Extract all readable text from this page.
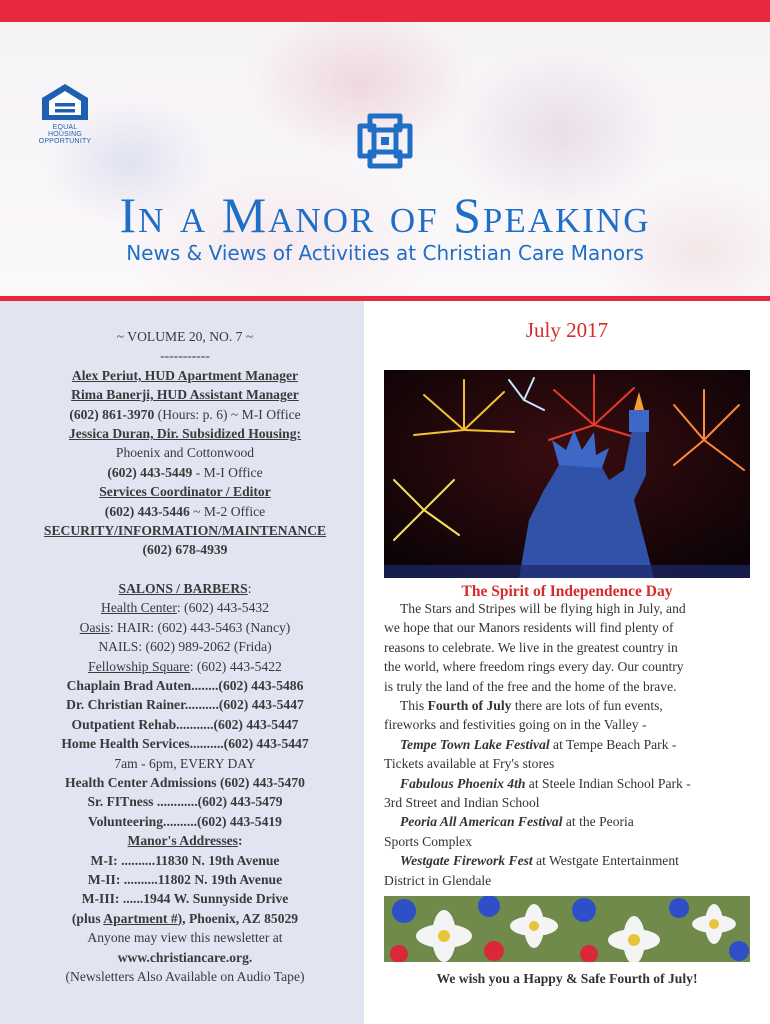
EQUAL HOUSING
OPPORTUNITY
In a Manor of Speaking
News & Views of Activities at Christian Care Manors
~ VOLUME 20, NO. 7 ~
-----------
Alex Periut, HUD Apartment Manager
Rima Banerji, HUD Assistant Manager
(602) 861-3970 (Hours: p. 6) ~ M-I Office
Jessica Duran, Dir. Subsidized Housing:
Phoenix and Cottonwood
(602) 443-5449 - M-I Office
Services Coordinator / Editor
(602) 443-5446 ~ M-2 Office
SECURITY/INFORMATION/MAINTENANCE
(602) 678-4939
SALONS / BARBERS:
Health Center: (602) 443-5432
Oasis: HAIR: (602) 443-5463 (Nancy)
NAILS: (602) 989-2062 (Frida)
Fellowship Square: (602) 443-5422
Chaplain Brad Auten........(602) 443-5486
Dr. Christian Rainer..........(602) 443-5447
Outpatient Rehab...........(602) 443-5447
Home Health Services..........(602) 443-5447
7am - 6pm, EVERY DAY
Health Center Admissions (602) 443-5470
Sr. FITness ............(602) 443-5479
Volunteering..........(602) 443-5419
Manor's Addresses:
M-I: ..........11830 N. 19th Avenue
M-II: ..........11802 N. 19th Avenue
M-III: ......1944 W. Sunnyside Drive
(plus Apartment #), Phoenix, AZ 85029
Anyone may view this newsletter at
www.christiancare.org.
(Newsletters Also Available on Audio Tape)
July 2017
The Spirit of Independence Day
The Stars and Stripes will be flying high in July, and
we hope that our Manors residents will find plenty of
reasons to celebrate. We live in the greatest country in
the world, where freedom rings every day. Our country
is truly the land of the free and the home of the brave.
This Fourth of July there are lots of fun events,
fireworks and festivities going on in the Valley -
Tempe Town Lake Festival at Tempe Beach Park -
Tickets available at Fry's stores
Fabulous Phoenix 4th at Steele Indian School Park -
3rd Street and Indian School
Peoria All American Festival at the Peoria
Sports Complex
Westgate Firework Fest at Westgate Entertainment
District in Glendale
We wish you a Happy & Safe Fourth of July!
